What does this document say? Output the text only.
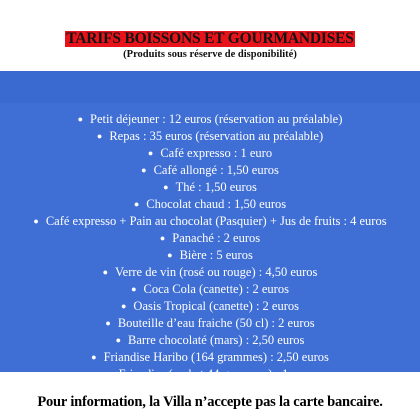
TARIFS BOISSONS ET GOURMANDISES
(Produits sous réserve de disponibilité)
● Petit déjeuner : 12 euros (réservation au préalable)
● Repas : 35 euros (réservation au préalable)
● Café expresso : 1 euro
● Café allongé : 1,50 euros
● Thé : 1,50 euros
● Chocolat chaud : 1,50 euros
● Café expresso + Pain au chocolat (Pasquier) + Jus de fruits : 4 euros
● Panaché : 2 euros
● Bière : 5 euros
● Verre de vin (rosé ou rouge) : 4,50 euros
● Coca Cola (canette) : 2 euros
● Oasis Tropical (canette) : 2 euros
● Bouteille d’eau fraiche (50 cl) : 2 euros
● Barre chocolaté (mars) : 2,50 euros
● Friandise Haribo (164 grammes) : 2,50 euros
● Friandise (sachet 44 grammes) : 1 euro
Pour information, la Villa n’accepte pas la carte bancaire.
